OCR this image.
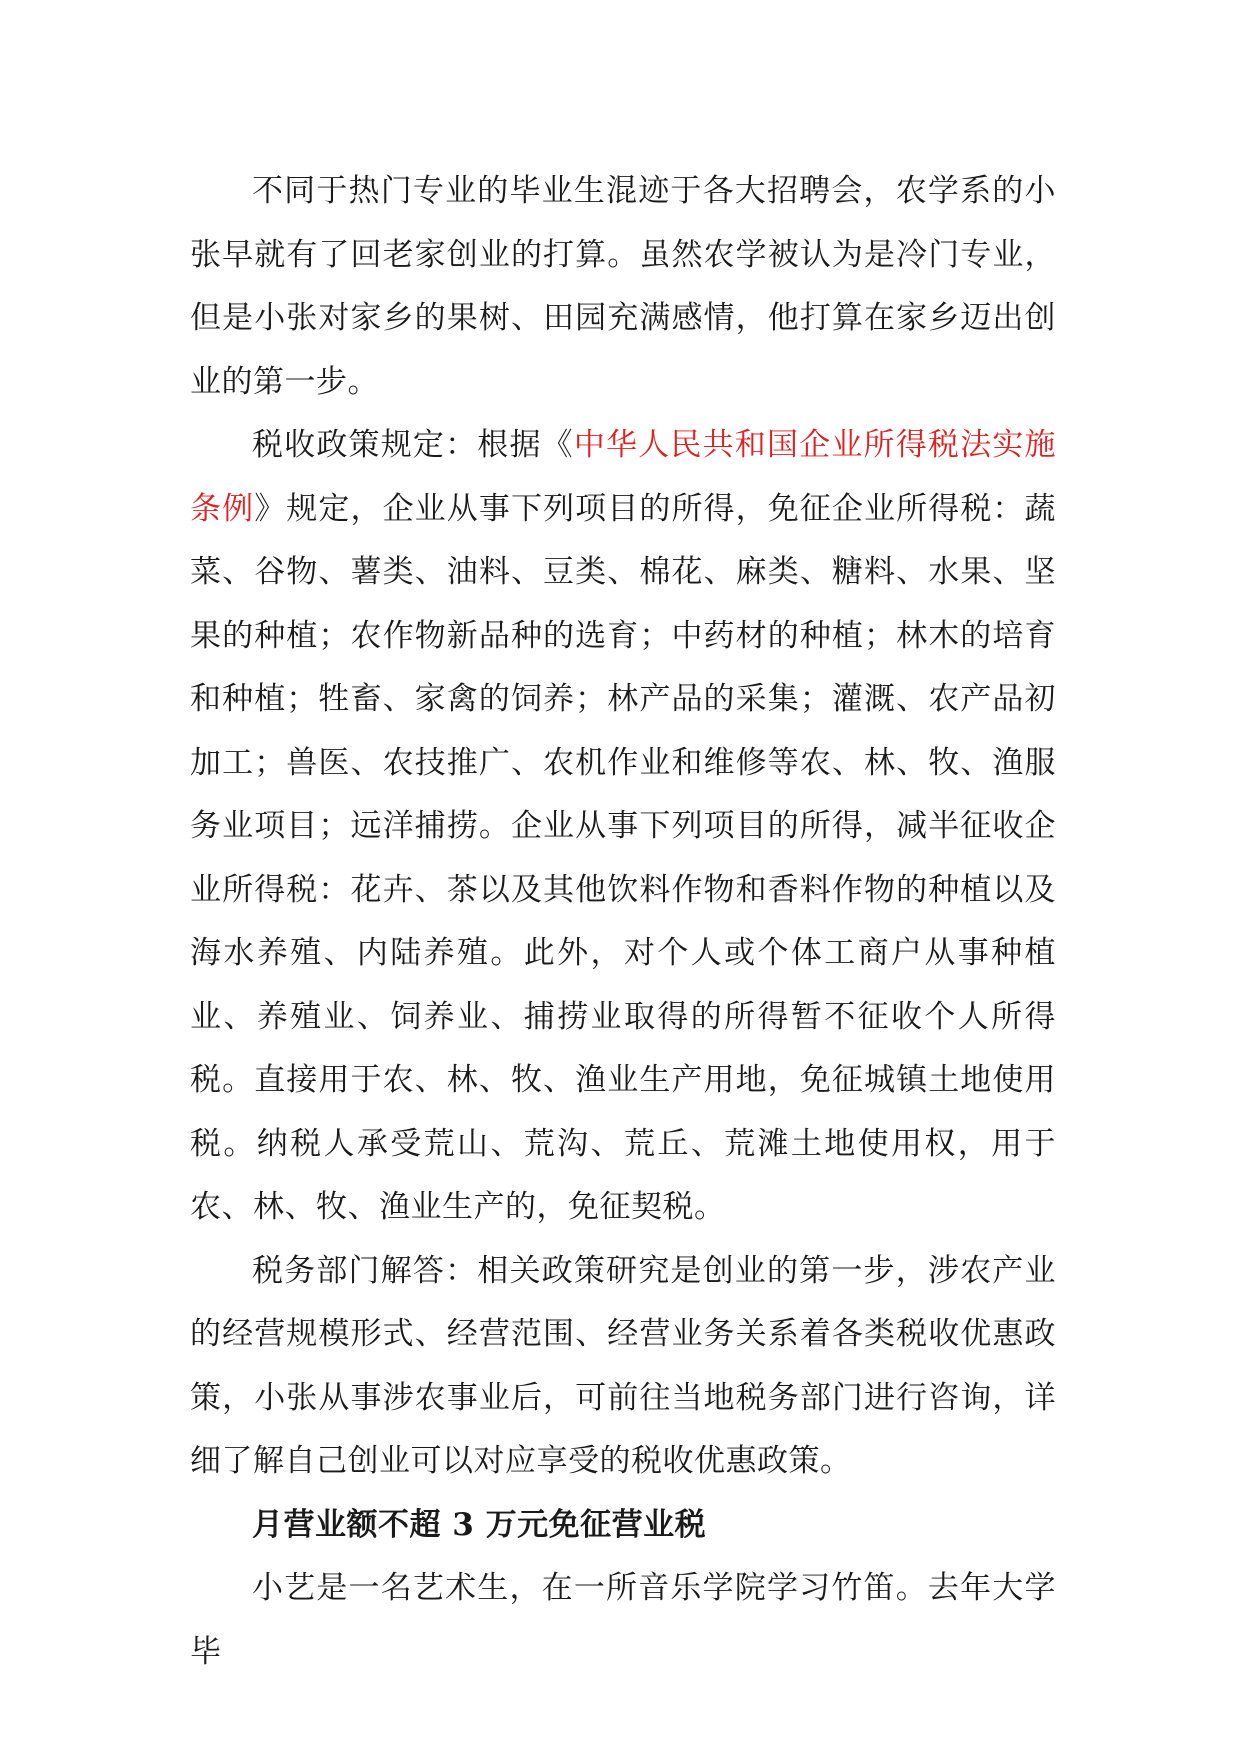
不同于热门专业的毕业生混迹于各大招聘会，农学系的小张早就有了回老家创业的打算。虽然农学被认为是冷门专业，但是小张对家乡的果树、田园充满感情，他打算在家乡迈出创业的第一步。

税收政策规定：根据《中华人民共和国企业所得税法实施条例》规定，企业从事下列项目的所得，免征企业所得税：蔬菜、谷物、薯类、油料、豆类、棉花、麻类、糖料、水果、坚果的种植；农作物新品种的选育；中药材的种植；林木的培育和种植；牲畜、家禽的饲养；林产品的采集；灌溉、农产品初加工；兽医、农技推广、农机作业和维修等农、林、牧、渔服务业项目；远洋捕捞。企业从事下列项目的所得，减半征收企业所得税：花卉、茶以及其他饮料作物和香料作物的种植以及海水养殖、内陆养殖。此外，对个人或个体工商户从事种植业、养殖业、饲养业、捕捞业取得的所得暂不征收个人所得税。直接用于农、林、牧、渔业生产用地，免征城镇土地使用税。纳税人承受荒山、荒沟、荒丘、荒滩土地使用权，用于农、林、牧、渔业生产的，免征契税。

税务部门解答：相关政策研究是创业的第一步，涉农产业的经营规模形式、经营范围、经营业务关系着各类税收优惠政策，小张从事涉农事业后，可前往当地税务部门进行咨询，详细了解自己创业可以对应享受的税收优惠政策。

月营业额不超 3 万元免征营业税

小艺是一名艺术生，在一所音乐学院学习竹笛。去年大学毕
